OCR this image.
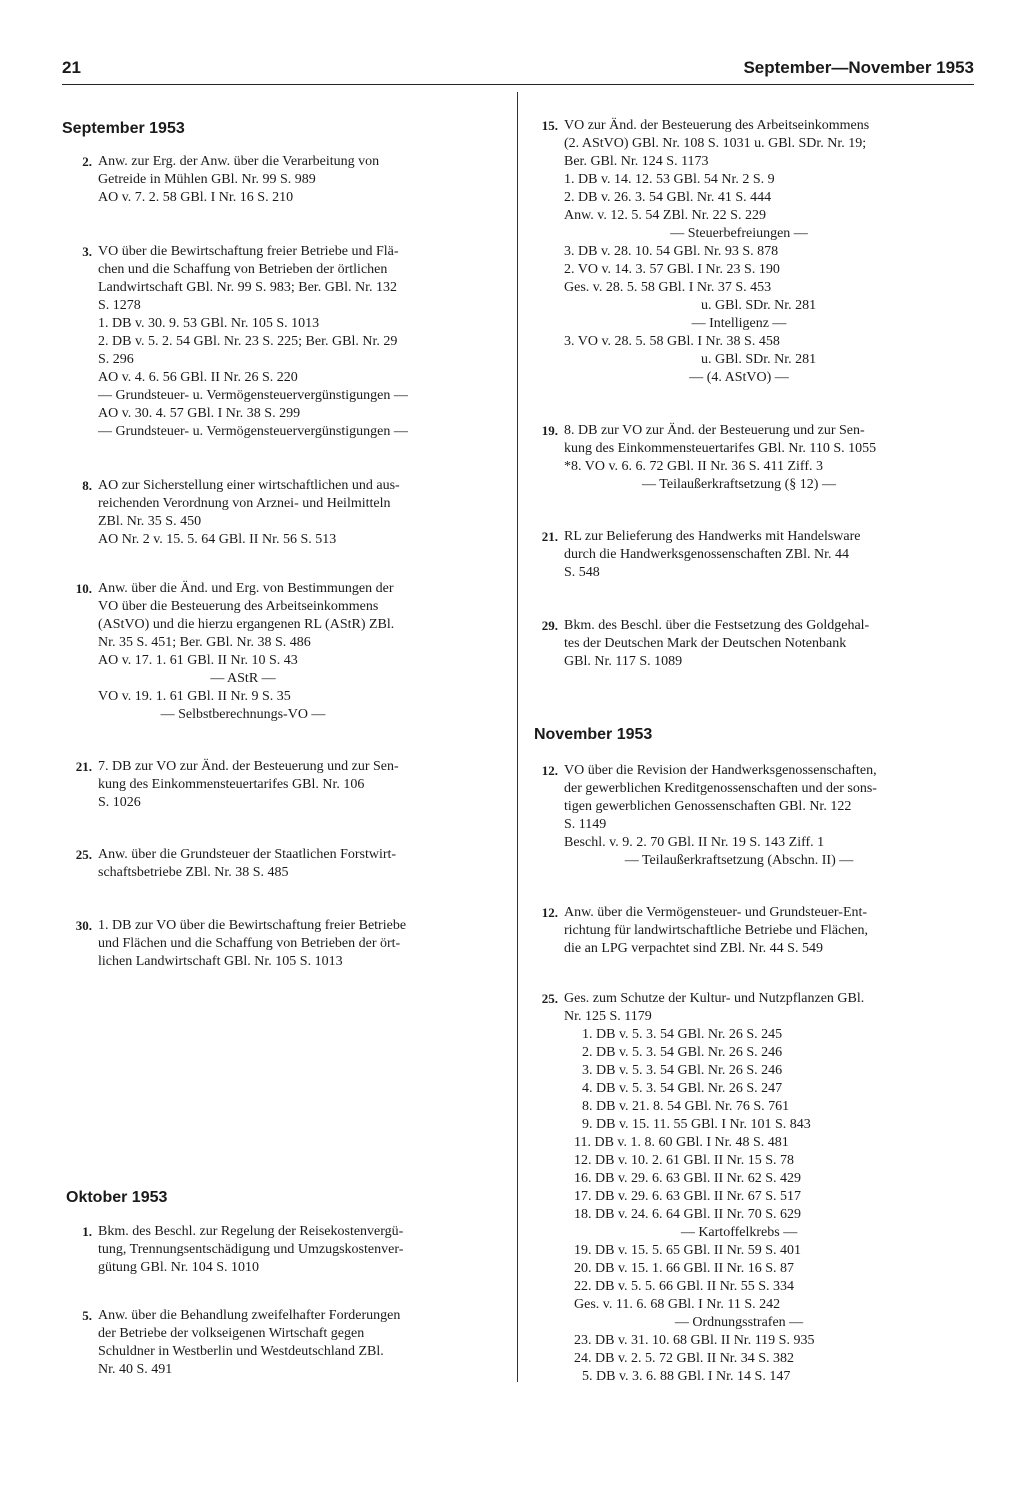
21	September—November 1953
September 1953
2. Anw. zur Erg. der Anw. über die Verarbeitung von

Getreide in Mühlen GBl. Nr. 99 S. 989

AO v. 7. 2. 58 GBl. I Nr. 16 S. 210

3. VO über die Bewirtschaftung freier Betriebe und Flä-

chen und die Schaffung von Betrieben der örtlichen

Landwirtschaft GBl. Nr. 99 S. 983; Ber. GBl. Nr. 132

S. 1278

1. DB v. 30. 9. 53 GBl. Nr. 105 S. 1013

2. DB v. 5. 2. 54 GBl. Nr. 23 S. 225; Ber. GBl. Nr. 29

S. 296

AO v. 4. 6. 56 GBl. II Nr. 26 S. 220

— Grundsteuer- u. Vermögensteuervergünstigungen —

AO v. 30. 4. 57 GBl. I Nr. 38 S. 299

— Grundsteuer- u. Vermögensteuervergünstigungen —

8. AO zur Sicherstellung einer wirtschaftlichen und aus-

reichenden Verordnung von Arznei- und Heilmitteln

ZBl. Nr. 35 S. 450

AO Nr. 2 v. 15. 5. 64 GBl. II Nr. 56 S. 513

10. Anw. über die Änd. und Erg. von Bestimmungen der

VO über die Besteuerung des Arbeitseinkommens

(AStVO) und die hierzu ergangenen RL (AStR) ZBl.

Nr. 35 S. 451; Ber. GBl. Nr. 38 S. 486

AO v. 17. 1. 61 GBl. II Nr. 10 S. 43

— AStR —

VO v. 19. 1. 61 GBl. II Nr. 9 S. 35

— Selbstberechnungs-VO —

21. 7. DB zur VO zur Änd. der Besteuerung und zur Sen-

kung des Einkommensteuertarifes GBl. Nr. 106

S. 1026

25. Anw. über die Grundsteuer der Staatlichen Forstwirt-

schaftsbetriebe ZBl. Nr. 38 S. 485

30. 1. DB zur VO über die Bewirtschaftung freier Betriebe

und Flächen und die Schaffung von Betrieben der ört-

lichen Landwirtschaft GBl. Nr. 105 S. 1013

Oktober 1953
1. Bkm. des Beschl. zur Regelung der Reisekostenvergü-

tung, Trennungsentschädigung und Umzugskostenver-

gütung GBl. Nr. 104 S. 1010

5. Anw. über die Behandlung zweifelhafter Forderungen

der Betriebe der volkseigenen Wirtschaft gegen

Schuldner in Westberlin und Westdeutschland ZBl.

Nr. 40 S. 491

15. VO zur Änd. der Besteuerung des Arbeitseinkommens

(2. AStVO) GBl. Nr. 108 S. 1031 u. GBl. SDr. Nr. 19;

Ber. GBl. Nr. 124 S. 1173

1. DB v. 14. 12. 53 GBl. 54 Nr. 2 S. 9

2. DB v. 26. 3. 54 GBl. Nr. 41 S. 444

Anw. v. 12. 5. 54 ZBl. Nr. 22 S. 229

— Steuerbefreiungen —

3. DB v. 28. 10. 54 GBl. Nr. 93 S. 878

2. VO v. 14. 3. 57 GBl. I Nr. 23 S. 190

Ges. v. 28. 5. 58 GBl. I Nr. 37 S. 453

u. GBl. SDr. Nr. 281

— Intelligenz —

3. VO v. 28. 5. 58 GBl. I Nr. 38 S. 458

u. GBl. SDr. Nr. 281

— (4. AStVO) —

19. 8. DB zur VO zur Änd. der Besteuerung und zur Sen-

kung des Einkommensteuertarifes GBl. Nr. 110 S. 1055

*8. VO v. 6. 6. 72 GBl. II Nr. 36 S. 411 Ziff. 3

— Teilaußerkraftsetzung (§ 12) —

21. RL zur Belieferung des Handwerks mit Handelsware

durch die Handwerksgenossenschaften ZBl. Nr. 44

S. 548

29. Bkm. des Beschl. über die Festsetzung des Goldgehal-

tes der Deutschen Mark der Deutschen Notenbank

GBl. Nr. 117 S. 1089

November 1953
12. VO über die Revision der Handwerksgenossenschaften,

der gewerblichen Kreditgenossenschaften und der sons-

tigen gewerblichen Genossenschaften GBl. Nr. 122

S. 1149

Beschl. v. 9. 2. 70 GBl. II Nr. 19 S. 143 Ziff. 1

— Teilaußerkraftsetzung (Abschn. II) —

12. Anw. über die Vermögensteuer- und Grundsteuer-Ent-

richtung für landwirtschaftliche Betriebe und Flächen,

die an LPG verpachtet sind ZBl. Nr. 44 S. 549

25. Ges. zum Schutze der Kultur- und Nutzpflanzen GBl.

Nr. 125 S. 1179

1. DB v. 5. 3. 54 GBl. Nr. 26 S. 245

2. DB v. 5. 3. 54 GBl. Nr. 26 S. 246

3. DB v. 5. 3. 54 GBl. Nr. 26 S. 246

4. DB v. 5. 3. 54 GBl. Nr. 26 S. 247

8. DB v. 21. 8. 54 GBl. Nr. 76 S. 761

9. DB v. 15. 11. 55 GBl. I Nr. 101 S. 843

11. DB v. 1. 8. 60 GBl. I Nr. 48 S. 481

12. DB v. 10. 2. 61 GBl. II Nr. 15 S. 78

16. DB v. 29. 6. 63 GBl. II Nr. 62 S. 429

17. DB v. 29. 6. 63 GBl. II Nr. 67 S. 517

18. DB v. 24. 6. 64 GBl. II Nr. 70 S. 629

— Kartoffelkrebs —

19. DB v. 15. 5. 65 GBl. II Nr. 59 S. 401

20. DB v. 15. 1. 66 GBl. II Nr. 16 S. 87

22. DB v. 5. 5. 66 GBl. II Nr. 55 S. 334

Ges. v. 11. 6. 68 GBl. I Nr. 11 S. 242

— Ordnungsstrafen —

23. DB v. 31. 10. 68 GBl. II Nr. 119 S. 935

24. DB v. 2. 5. 72 GBl. II Nr. 34 S. 382

5. DB v. 3. 6. 88 GBl. I Nr. 14 S. 147
